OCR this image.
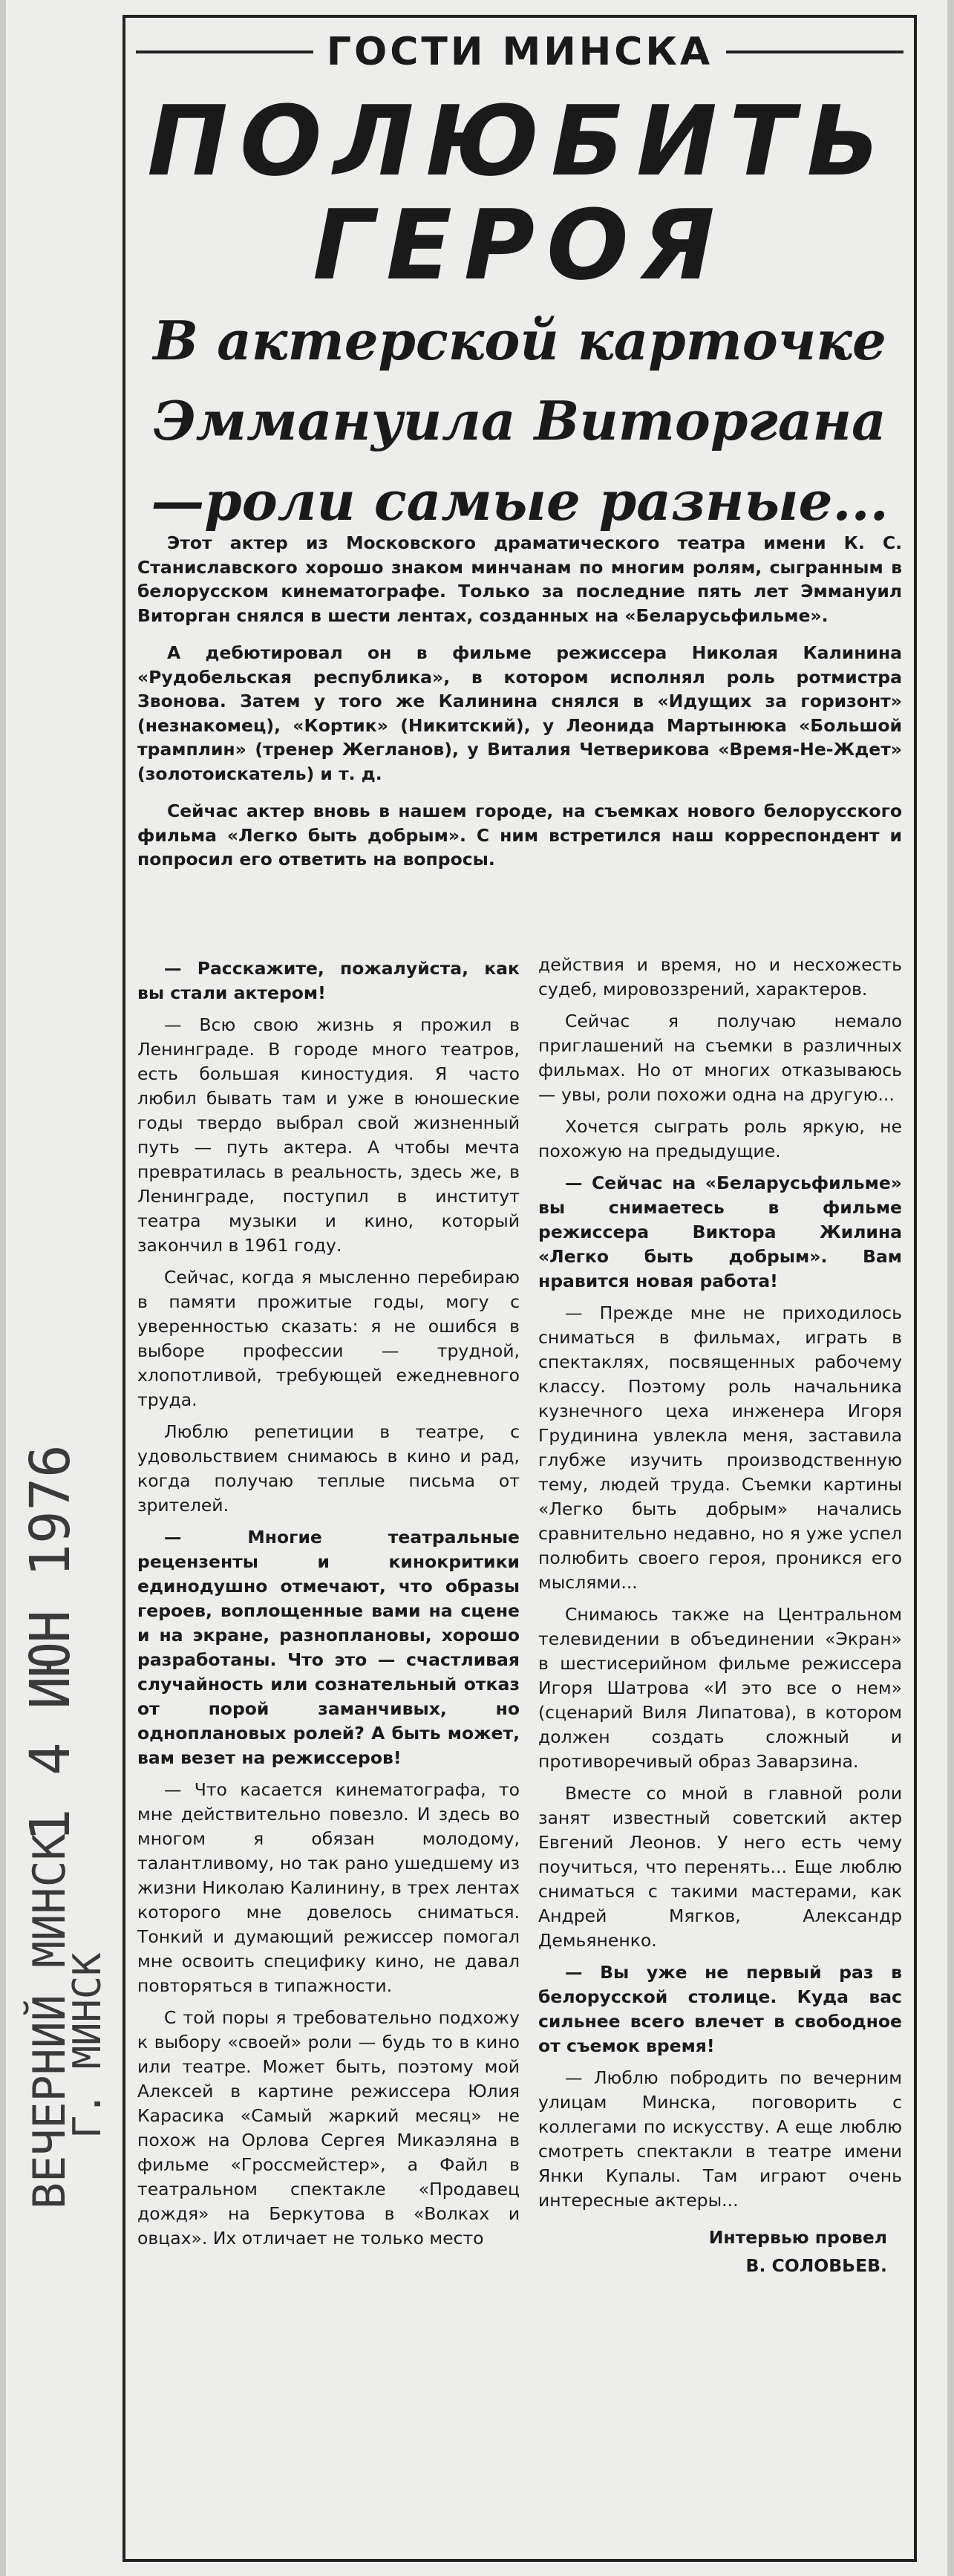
ГОСТИ МИНСКА
ПОЛЮБИТЬ
ГЕРОЯ
В актерской карточке
Эммануила Виторгана
—роли самые разные...

Этот актер из Московского драматического театра имени К. С. Станиславского хорошо знаком минчанам по многим ролям, сыгранным в белорусском кинематографе. Только за последние пять лет Эммануил Виторган снялся в шести лентах, созданных на «Беларусьфильме».

А дебютировал он в фильме режиссера Николая Калинина «Рудобельская республика», в котором исполнял роль ротмистра Звонова. Затем у того же Калинина снялся в «Идущих за горизонт» (незнакомец), «Кортик» (Никитский), у Леонида Мартынюка «Большой трамплин» (тренер Жегланов), у Виталия Четверикова «Время-Не-Ждет» (золотоискатель) и т. д.

Сейчас актер вновь в нашем городе, на съемках нового белорусского фильма «Легко быть добрым». С ним встретился наш корреспондент и попросил его ответить на вопросы.

— Расскажите, пожалуйста, как вы стали актером!

— Всю свою жизнь я прожил в Ленинграде. В городе много театров, есть большая киностудия. Я часто любил бывать там и уже в юношеские годы твердо выбрал свой жизненный путь — путь актера. А чтобы мечта превратилась в реальность, здесь же, в Ленинграде, поступил в институт театра музыки и кино, который закончил в 1961 году.

Сейчас, когда я мысленно перебираю в памяти прожитые годы, могу с уверенностью сказать: я не ошибся в выборе профессии — трудной, хлопотливой, требующей ежедневного труда.

Люблю репетиции в театре, с удовольствием снимаюсь в кино и рад, когда получаю теплые письма от зрителей.

— Многие театральные рецензенты и кинокритики единодушно отмечают, что образы героев, воплощенные вами на сцене и на экране, разноплановы, хорошо разработаны. Что это — счастливая случайность или сознательный отказ от порой заманчивых, но одноплановых ролей? А быть может, вам везет на режиссеров!

— Что касается кинематографа, то мне действительно повезло. И здесь во многом я обязан молодому, талантливому, но так рано ушедшему из жизни Николаю Калинину, в трех лентах которого мне довелось сниматься. Тонкий и думающий режиссер помогал мне освоить специфику кино, не давал повторяться в типажности.

С той поры я требовательно подхожу к выбору «своей» роли — будь то в кино или театре. Может быть, поэтому мой Алексей в картине режиссера Юлия Карасика «Самый жаркий месяц» не похож на Орлова Сергея Микаэляна в фильме «Гроссмейстер», а Файл в театральном спектакле «Продавец дождя» на Беркутова в «Волках и овцах». Их отличает не только место

действия и время, но и несхожесть судеб, мировоззрений, характеров.

Сейчас я получаю немало приглашений на съемки в различных фильмах. Но от многих отказываюсь — увы, роли похожи одна на другую...

Хочется сыграть роль яркую, не похожую на предыдущие.

— Сейчас на «Беларусьфильме» вы снимаетесь в фильме режиссера Виктора Жилина «Легко быть добрым». Вам нравится новая работа!

— Прежде мне не приходилось сниматься в фильмах, играть в спектаклях, посвященных рабочему классу. Поэтому роль начальника кузнечного цеха инженера Игоря Грудинина увлекла меня, заставила глубже изучить производственную тему, людей труда. Съемки картины «Легко быть добрым» начались сравнительно недавно, но я уже успел полюбить своего героя, проникся его мыслями...

Снимаюсь также на Центральном телевидении в объединении «Экран» в шестисерийном фильме режиссера Игоря Шатрова «И это все о нем» (сценарий Виля Липатова), в котором должен создать сложный и противоречивый образ Заварзина.

Вместе со мной в главной роли занят известный советский актер Евгений Леонов. У него есть чему поучиться, что перенять... Еще люблю сниматься с такими мастерами, как Андрей Мягков, Александр Демьяненко.

— Вы уже не первый раз в белорусской столице. Куда вас сильнее всего влечет в свободное от съемок время!

— Люблю побродить по вечерним улицам Минска, поговорить с коллегами по искусству. А еще люблю смотреть спектакли в театре имени Янки Купалы. Там играют очень интересные актеры...

Интервью провел
В. СОЛОВЬЕВ.
1 4 ИЮН 1976
ВЕЧЕРНИЙ МИНСК
Г. МИНСК
